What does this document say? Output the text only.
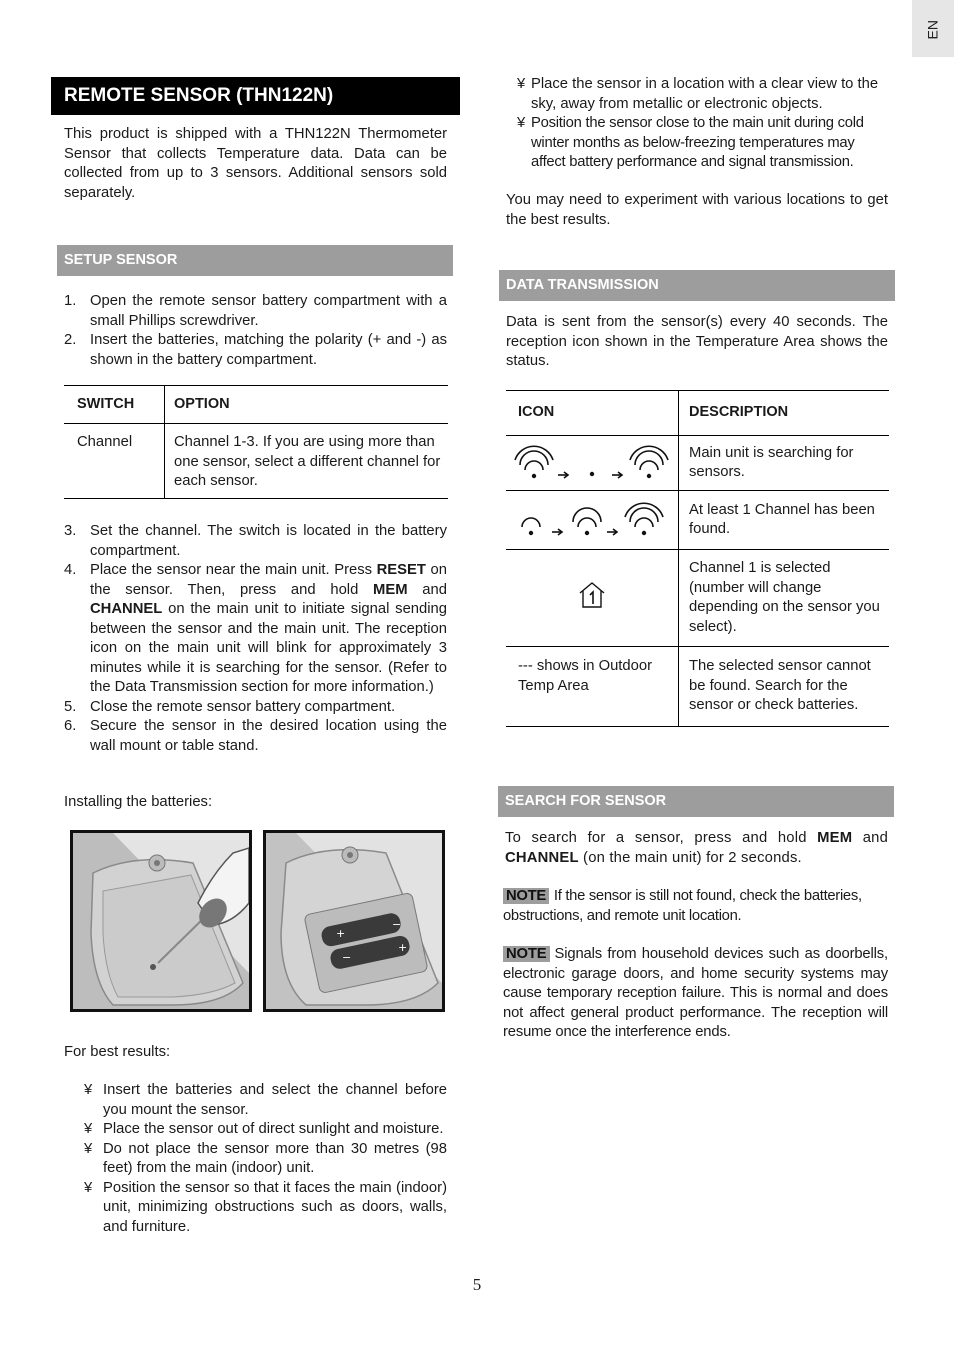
EN
REMOTE SENSOR (THN122N)

This product is shipped with a THN122N Thermometer Sensor that collects Temperature data. Data can be collected from up to 3 sensors. Additional sensors sold separately.

SETUP SENSOR
1. Open the remote sensor battery compartment with a small Phillips screwdriver.
2. Insert the batteries, matching the polarity (+ and -) as shown in the battery compartment.
SWITCH	OPTION
Channel	Channel 1-3. If you are using more than one sensor, select a different channel for each sensor.
3. Set the channel. The switch is located in the battery compartment.
4. Place the sensor near the main unit. Press RESET on the sensor. Then, press and hold MEM and CHANNEL on the main unit to initiate signal sending between the sensor and the main unit. The reception icon on the main unit will blink for approximately 3 minutes while it is searching for the sensor. (Refer to the Data Transmission section for more information.)
5. Close the remote sensor battery compartment.
6. Secure the sensor in the desired location using the wall mount or table stand.

Installing the batteries:

+
−
−
+

For best results:

¥ Insert the batteries and select the channel before you mount the sensor.
¥ Place the sensor out of direct sunlight and moisture.
¥ Do not place the sensor more than 30 metres (98 feet) from the main (indoor) unit.
¥ Position the sensor so that it faces the main (indoor) unit, minimizing obstructions such as doors, walls, and furniture.
¥ Place the sensor in a location with a clear view to the sky, away from metallic or electronic objects.
¥ Position the sensor close to the main unit during cold winter months as below-freezing temperatures may affect battery performance and signal transmission.

You may need to experiment with various locations to get the best results.

DATA TRANSMISSION

Data is sent from the sensor(s) every 40 seconds. The reception icon shown in the Temperature Area shows the status.

ICON	DESCRIPTION
	Main unit is searching for sensors.
	At least 1 Channel has been found.
	Channel 1 is selected (number will change depending on the sensor you select).
--- shows in Outdoor Temp Area	The selected sensor cannot be found. Search for the sensor or check batteries.
SEARCH FOR SENSOR

To search for a sensor, press and hold MEM and CHANNEL (on the main unit) for 2 seconds.

NOTE If the sensor is still not found, check the batteries, obstructions, and remote unit location.

NOTE Signals from household devices such as doorbells, electronic garage doors, and home security systems may cause temporary reception failure. This is normal and does not affect general product performance. The reception will resume once the interference ends.

5
